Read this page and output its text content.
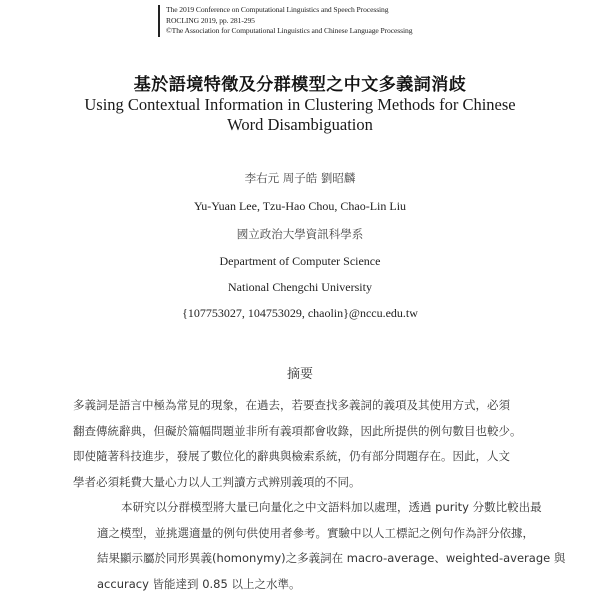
The 2019 Conference on Computational Linguistics and Speech Processing
ROCLING 2019, pp. 281-295
©The Association for Computational Linguistics and Chinese Language Processing
基於語境特徵及分群模型之中文多義詞消歧
Using Contextual Information in Clustering Methods for Chinese
Word Disambiguation
李右元 周子皓 劉昭麟
Yu-Yuan Lee, Tzu-Hao Chou, Chao-Lin Liu
國立政治大學資訊科學系
Department of Computer Science
National Chengchi University
{107753027, 104753029, chaolin}@nccu.edu.tw
摘要

多義詞是語言中極為常見的現象，在過去，若要查找多義詞的義項及其使用方式，必須
翻查傳統辭典，但礙於篇幅問題並非所有義項都會收錄，因此所提供的例句數目也較少。
即使隨著科技進步，發展了數位化的辭典與檢索系統，仍有部分問題存在。因此，人文
學者必須耗費大量心力以人工判讀方式辨別義項的不同。

本研究以分群模型將大量已向量化之中文語料加以處理，透過 purity 分數比較出最
適之模型，並挑選適量的例句供使用者參考。實驗中以人工標記之例句作為評分依據，
結果顯示屬於同形異義(homonymy)之多義詞在 macro-average、weighted-average 與
accuracy 皆能達到 0.85 以上之水準。
